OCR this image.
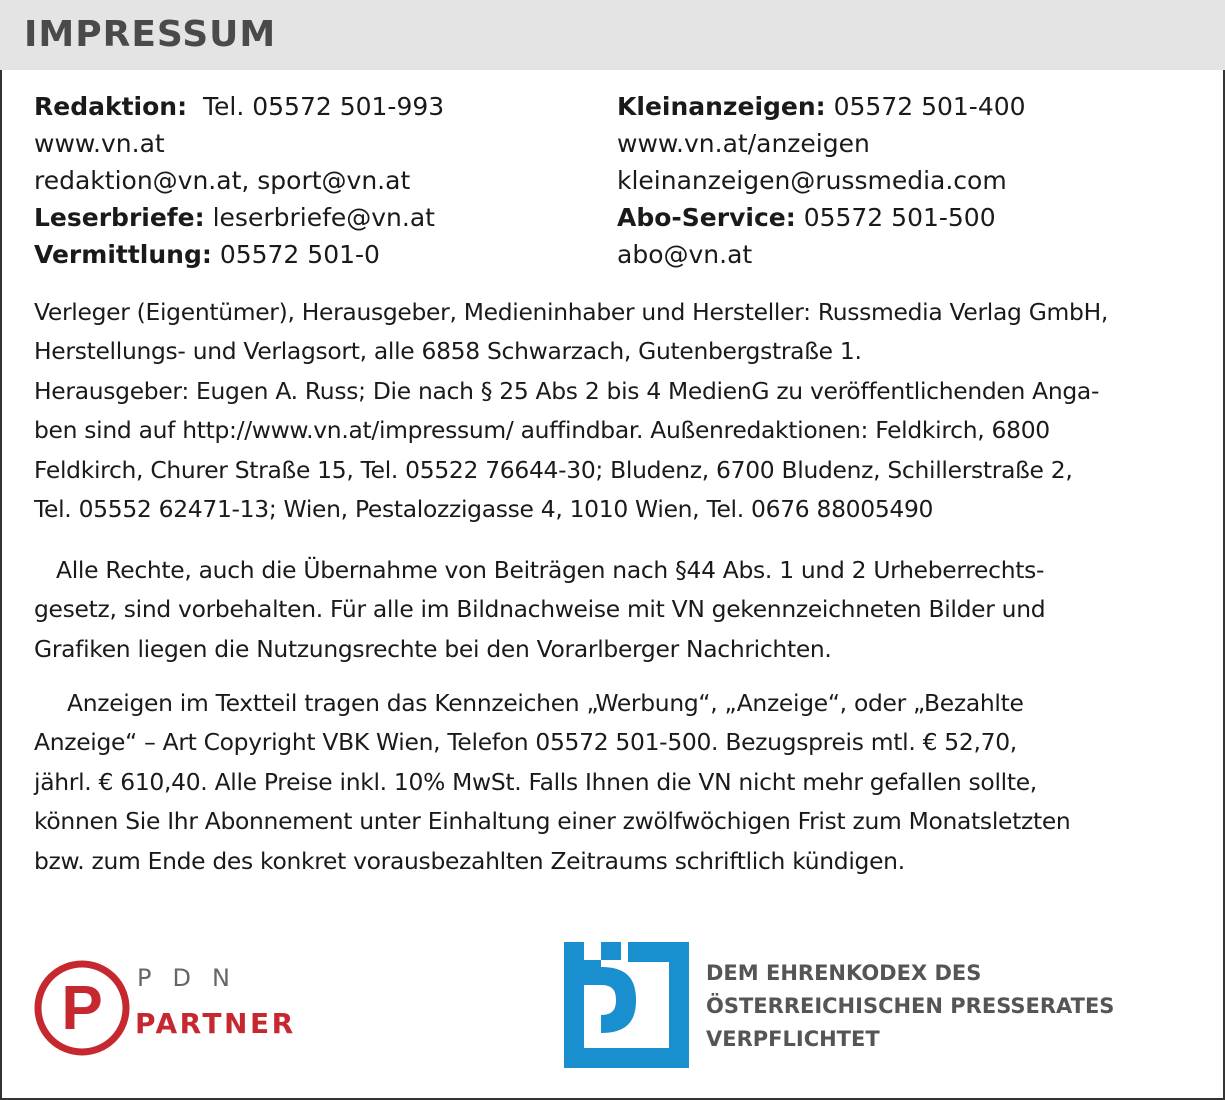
IMPRESSUM
Redaktion: Tel. 05572 501-993
www.vn.at
redaktion@vn.at, sport@vn.at
Leserbriefe: leserbriefe@vn.at
Vermittlung: 05572 501-0
Kleinanzeigen: 05572 501-400
www.vn.at/anzeigen
kleinanzeigen@russmedia.com
Abo-Service: 05572 501-500
abo@vn.at
Verleger (Eigentümer), Herausgeber, Medieninhaber und Hersteller: Russmedia Verlag GmbH,
Herstellungs- und Verlagsort, alle 6858 Schwarzach, Gutenbergstraße 1.
Herausgeber: Eugen A. Russ; Die nach § 25 Abs 2 bis 4 MedienG zu veröffentlichenden Anga-
ben sind auf http://www.vn.at/impressum/ auffindbar. Außenredaktionen: Feldkirch, 6800
Feldkirch, Churer Straße 15, Tel. 05522 76644-30; Bludenz, 6700 Bludenz, Schillerstraße 2,
Tel. 05552 62471-13; Wien, Pestalozzigasse 4, 1010 Wien, Tel. 0676 88005490
Alle Rechte, auch die Übernahme von Beiträgen nach §44 Abs. 1 und 2 Urheberrechts-
gesetz, sind vorbehalten. Für alle im Bildnachweise mit VN gekennzeichneten Bilder und
Grafiken liegen die Nutzungsrechte bei den Vorarlberger Nachrichten.
Anzeigen im Textteil tragen das Kennzeichen „Werbung“, „Anzeige“, oder „Bezahlte
Anzeige“ – Art Copyright VBK Wien, Telefon 05572 501-500. Bezugspreis mtl. € 52,70,
jährl. € 610,40. Alle Preise inkl. 10% MwSt. Falls Ihnen die VN nicht mehr gefallen sollte,
können Sie Ihr Abonnement unter Einhaltung einer zwölfwöchigen Frist zum Monatsletzten
bzw. zum Ende des konkret vorausbezahlten Zeitraums schriftlich kündigen.
P PDN
PARTNER
DEM EHRENKODEX DES
ÖSTERREICHISCHEN PRESSERATES
VERPFLICHTET
